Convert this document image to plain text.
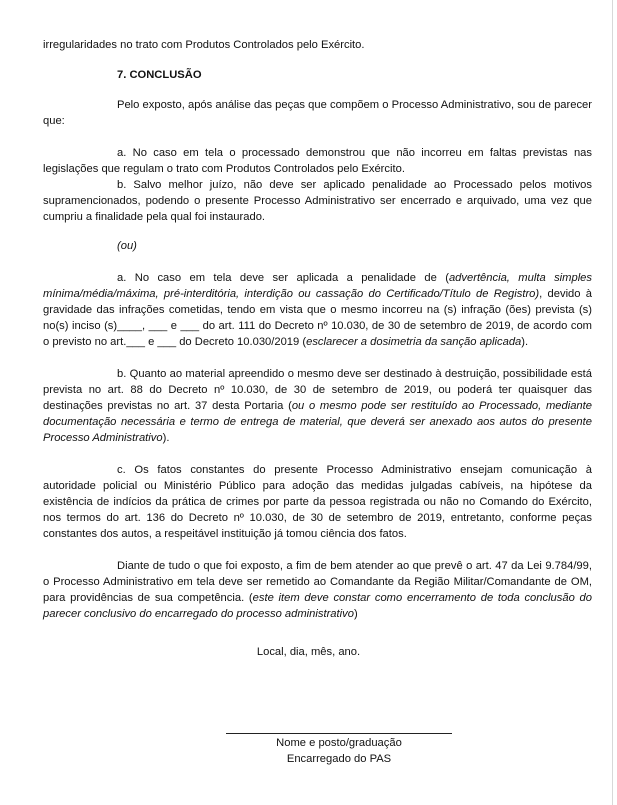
irregularidades no trato com Produtos Controlados pelo Exército.

7. CONCLUSÃO

Pelo exposto, após análise das peças que compõem o Processo Administrativo, sou de parecer que:

a. No caso em tela o processado demonstrou que não incorreu em faltas previstas nas legislações que regulam o trato com Produtos Controlados pelo Exército.

b. Salvo melhor juízo, não deve ser aplicado penalidade ao Processado pelos motivos supramencionados, podendo o presente Processo Administrativo ser encerrado e arquivado, uma vez que cumpriu a finalidade pela qual foi instaurado.

(ou)

a. No caso em tela deve ser aplicada a penalidade de (advertência, multa simples mínima/média/máxima, pré-interditória, interdição ou cassação do Certificado/Título de Registro), devido à gravidade das infrações cometidas, tendo em vista que o mesmo incorreu na (s) infração (ões) prevista (s) no(s) inciso (s)____, ___ e ___ do art. 111 do Decreto nº 10.030, de 30 de setembro de 2019, de acordo com o previsto no art.___ e ___ do Decreto 10.030/2019 (esclarecer a dosimetria da sanção aplicada).

b. Quanto ao material apreendido o mesmo deve ser destinado à destruição, possibilidade está prevista no art. 88 do Decreto nº 10.030, de 30 de setembro de 2019, ou poderá ter quaisquer das destinações previstas no art. 37 desta Portaria (ou o mesmo pode ser restituído ao Processado, mediante documentação necessária e termo de entrega de material, que deverá ser anexado aos autos do presente Processo Administrativo).

c. Os fatos constantes do presente Processo Administrativo ensejam comunicação à autoridade policial ou Ministério Público para adoção das medidas julgadas cabíveis, na hipótese da existência de indícios da prática de crimes por parte da pessoa registrada ou não no Comando do Exército, nos termos do art. 136 do Decreto nº 10.030, de 30 de setembro de 2019, entretanto, conforme peças constantes dos autos, a respeitável instituição já tomou ciência dos fatos.

Diante de tudo o que foi exposto, a fim de bem atender ao que prevê o art. 47 da Lei 9.784/99, o Processo Administrativo em tela deve ser remetido ao Comandante da Região Militar/Comandante de OM, para providências de sua competência. (este item deve constar como encerramento de toda conclusão do parecer conclusivo do encarregado do processo administrativo)

Local, dia, mês, ano.

Nome e posto/graduação

Encarregado do PAS
